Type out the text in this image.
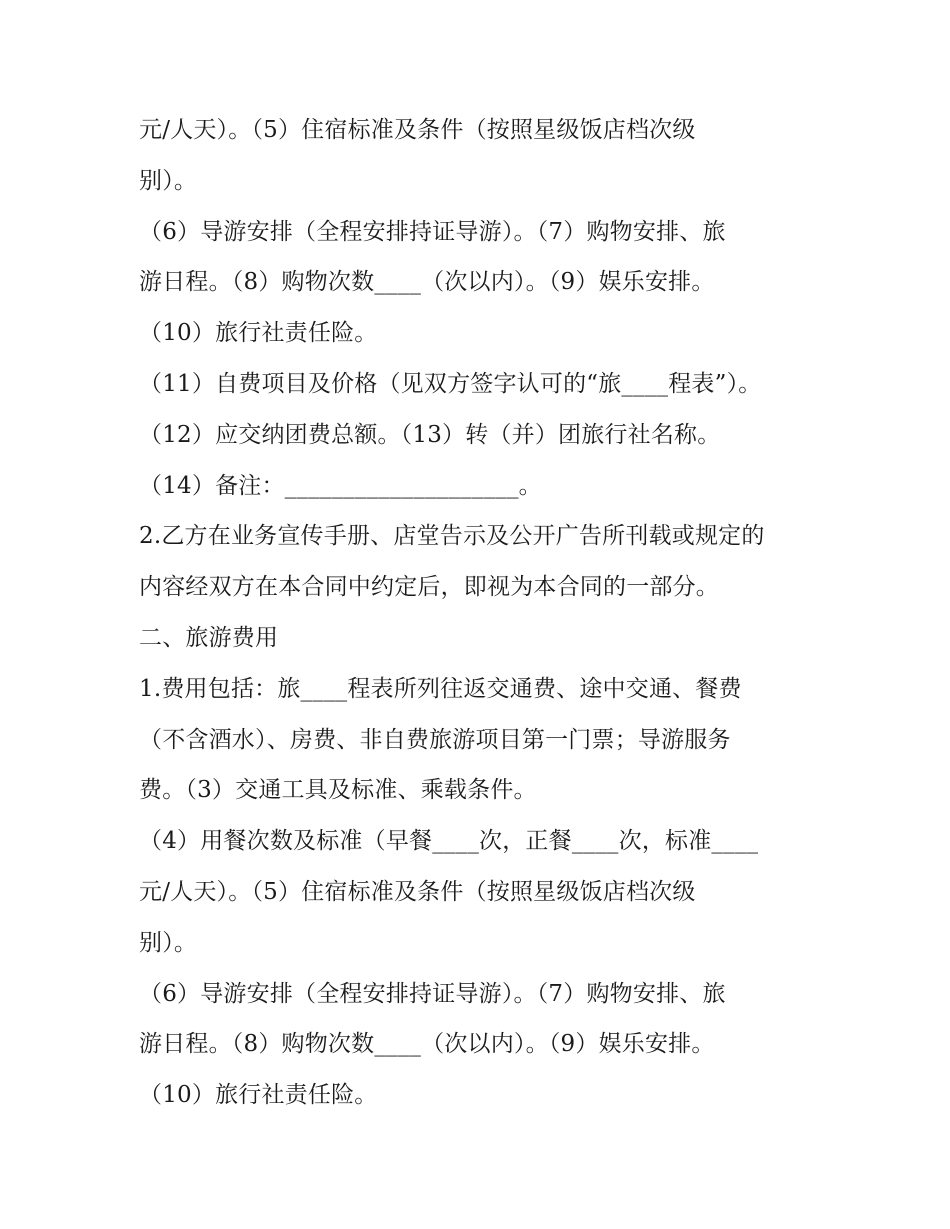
元/人天）。（5）住宿标准及条件（按照星级饭店档次级
别）。
（6）导游安排（全程安排持证导游）。（7）购物安排、旅
游日程。（8）购物次数____（次以内）。（9）娱乐安排。
（10）旅行社责任险。
（11）自费项目及价格（见双方签字认可的“旅____程表”）。
（12）应交纳团费总额。（13）转（并）团旅行社名称。
（14）备注：____________________。
2.乙方在业务宣传手册、店堂告示及公开广告所刊载或规定的
内容经双方在本合同中约定后，即视为本合同的一部分。
二、旅游费用
1.费用包括：旅____程表所列往返交通费、途中交通、餐费
（不含酒水）、房费、非自费旅游项目第一门票；导游服务
费。（3）交通工具及标准、乘载条件。
（4）用餐次数及标准（早餐____次，正餐____次，标准____
元/人天）。（5）住宿标准及条件（按照星级饭店档次级
别）。
（6）导游安排（全程安排持证导游）。（7）购物安排、旅
游日程。（8）购物次数____（次以内）。（9）娱乐安排。
（10）旅行社责任险。
